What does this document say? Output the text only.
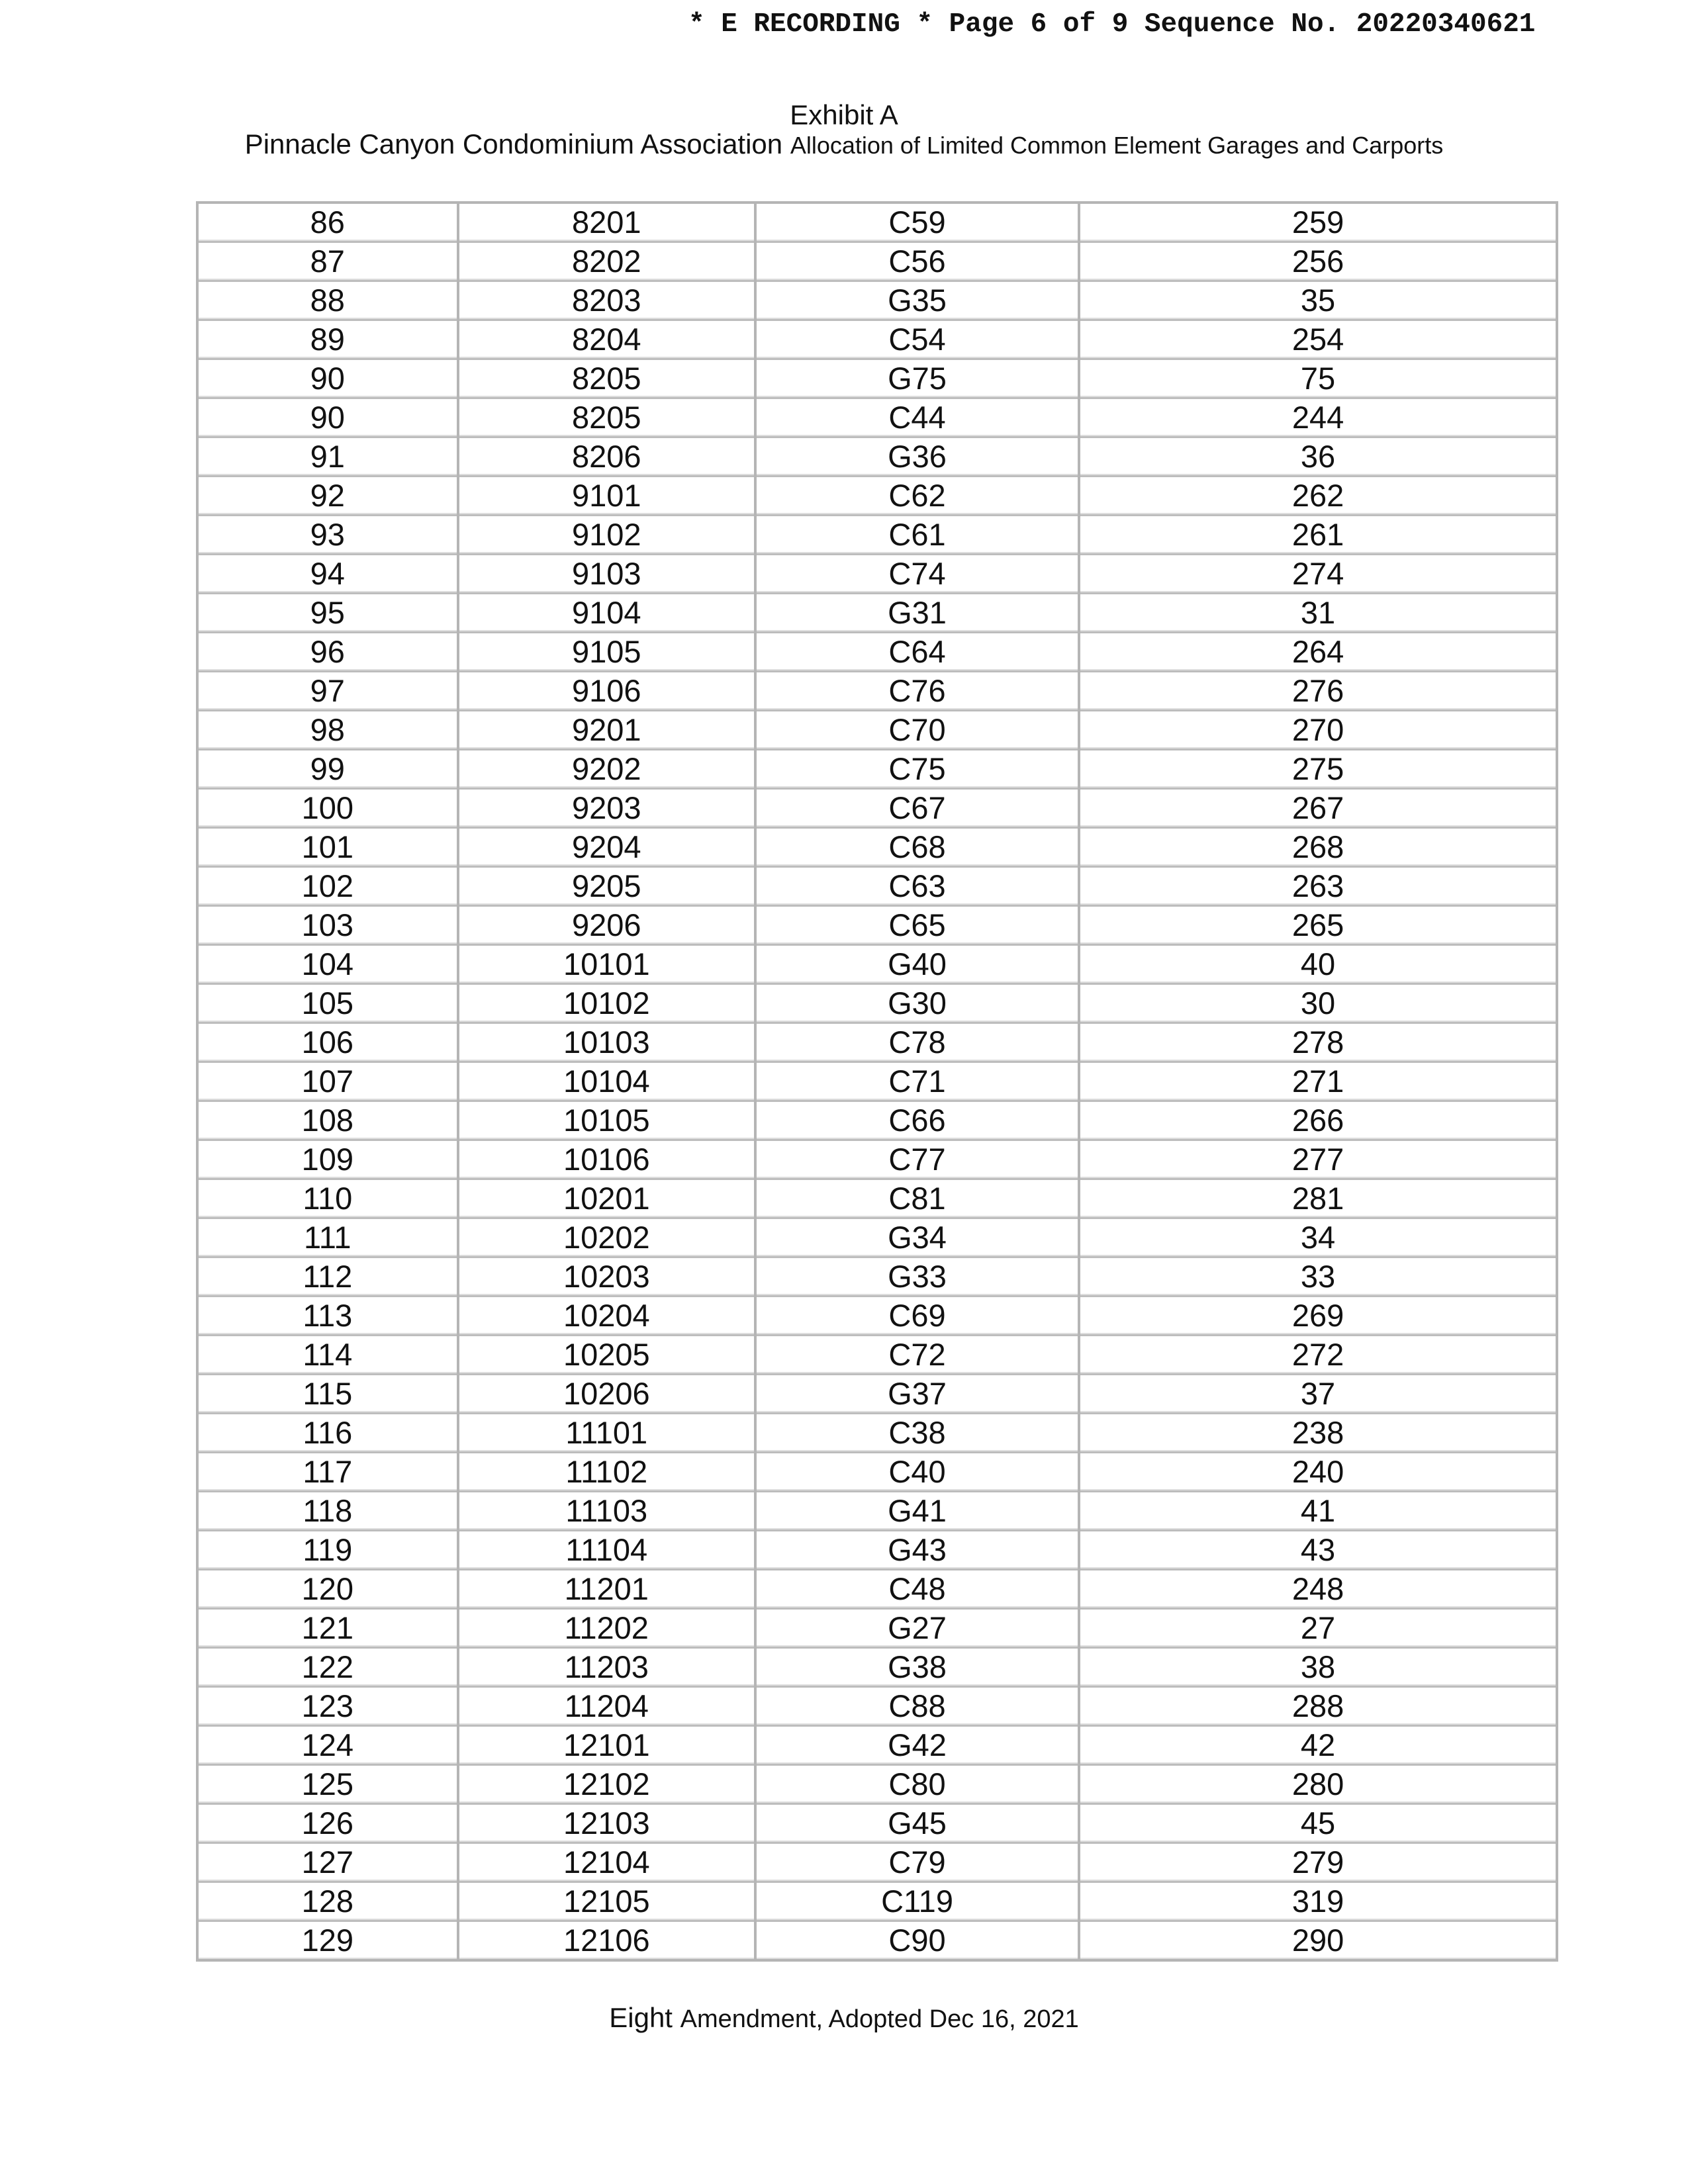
* E RECORDING * Page 6 of 9 Sequence No. 20220340621
Exhibit A
Pinnacle Canyon Condominium Association Allocation of Limited Common Element Garages and Carports
86	8201	C59	259
87	8202	C56	256
88	8203	G35	35
89	8204	C54	254
90	8205	G75	75
90	8205	C44	244
91	8206	G36	36
92	9101	C62	262
93	9102	C61	261
94	9103	C74	274
95	9104	G31	31
96	9105	C64	264
97	9106	C76	276
98	9201	C70	270
99	9202	C75	275
100	9203	C67	267
101	9204	C68	268
102	9205	C63	263
103	9206	C65	265
104	10101	G40	40
105	10102	G30	30
106	10103	C78	278
107	10104	C71	271
108	10105	C66	266
109	10106	C77	277
110	10201	C81	281
111	10202	G34	34
112	10203	G33	33
113	10204	C69	269
114	10205	C72	272
115	10206	G37	37
116	11101	C38	238
117	11102	C40	240
118	11103	G41	41
119	11104	G43	43
120	11201	C48	248
121	11202	G27	27
122	11203	G38	38
123	11204	C88	288
124	12101	G42	42
125	12102	C80	280
126	12103	G45	45
127	12104	C79	279
128	12105	C119	319
129	12106	C90	290
Eight Amendment, Adopted Dec 16, 2021
